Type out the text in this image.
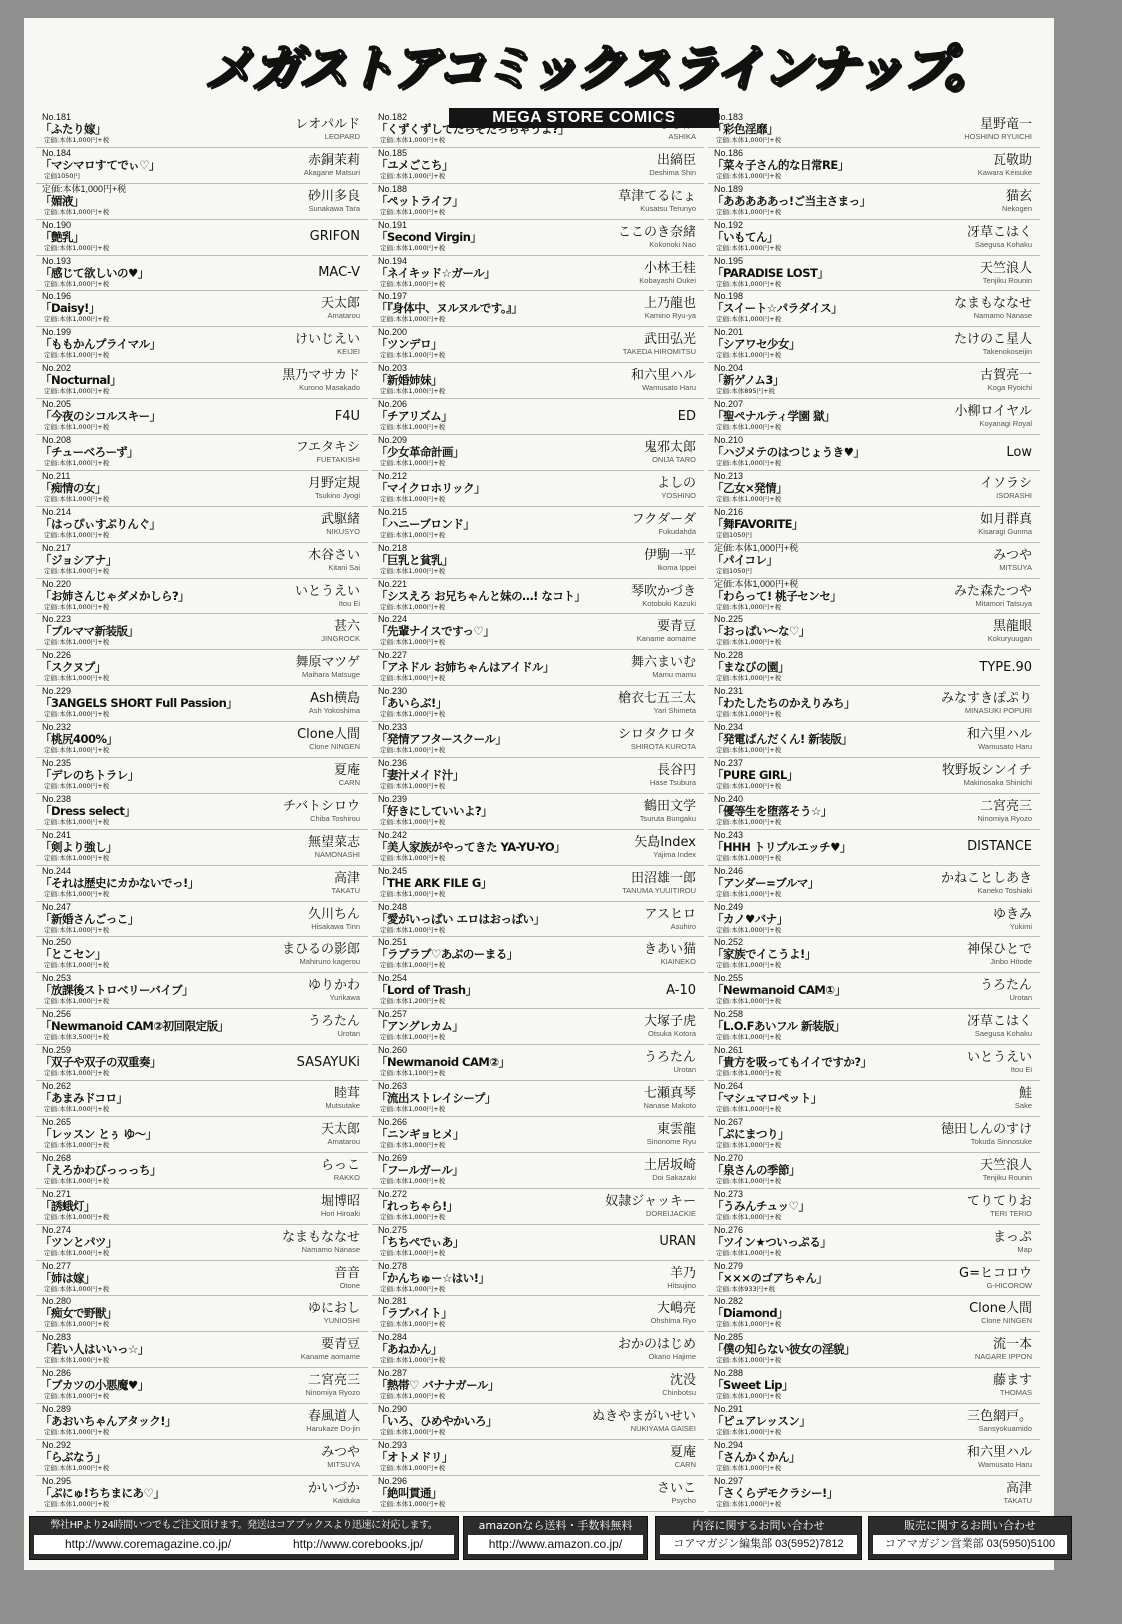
メガストアコミックスラインナップ。
MEGA STORE COMICS
No.181
「ふたり嫁」
定価:本体1,000円+税
レオパルド
LEOPARD
No.184
「マシマロすてでぃ♡」
定価1050円
赤銅茉莉
Akagane Matsuri
定価:本体1,000円+税
「媚液」
定価:本体1,000円+税
砂川多良
Sunakawa Tara
No.190
「艶乳」
定価:本体1,000円+税
GRIFON
No.193
「感じて欲しいの♥」
定価:本体1,000円+税
MAC-V
No.196
「Daisy!」
定価:本体1,000円+税
天太郎
Amatarou
No.199
「ももかんプライマル」
定価:本体1,000円+税
けいじえい
KEIJEI
No.202
「Nocturnal」
定価:本体1,000円+税
黒乃マサカド
Kurono Masakado
No.205
「今夜のシコルスキー」
定価:本体1,000円+税
F4U
No.208
「チューべろーず」
定価:本体1,000円+税
フエタキシ
FUETAKISHI
No.211
「痴情の女」
定価:本体1,000円+税
月野定規
Tsukino Jyogi
No.214
「はっぴぃすぷりんぐ」
定価:本体1,000円+税
武駆緒
NIKUSYO
No.217
「ジョシアナ」
定価:本体1,000円+税
木谷さい
Kitani Sai
No.220
「お姉さんじゃダメかしら?」
定価:本体1,000円+税
いとうえい
Itou Ei
No.223
「ブルママ新装版」
定価:本体1,000円+税
甚六
JINGROCK
No.226
「スクヌプ」
定価:本体1,000円+税
舞原マツゲ
Maihara Matsuge
No.229
「3ANGELS SHORT Full Passion」
定価:本体1,000円+税
Ash横島
Ash Yokoshima
No.232
「桃尻400%」
定価:本体1,000円+税
Clone人間
Clone NINGEN
No.235
「デレのちトラレ」
定価:本体1,000円+税
夏庵
CARN
No.238
「Dress select」
定価:本体1,000円+税
チバトシロウ
Chiba Toshirou
No.241
「剣より強し」
定価:本体1,000円+税
無望菜志
NAMONASHI
No.244
「それは歴史にカかないでっ!」
定価:本体1,000円+税
高津
TAKATU
No.247
「新婚さんごっこ」
定価:本体1,000円+税
久川ちん
Hisakawa Tinn
No.250
「とこセン」
定価:本体1,000円+税
まひるの影郎
Mahiruno kagerou
No.253
「放課後ストロベリーバイブ」
定価:本体1,000円+税
ゆりかわ
Yurikawa
No.256
「Newmanoid CAM②初回限定版」
定価:本体3,500円+税
うろたん
Urotan
No.259
「双子や双子の双重奏」
定価:本体1,000円+税
SASAYUKi
No.262
「あまみドコロ」
定価:本体1,000円+税
睦茸
Mutsutake
No.265
「レッスン とぅ ゆ～」
定価:本体1,000円+税
天太郎
Amatarou
No.268
「えろかわびっっっち」
定価:本体1,000円+税
らっこ
RAKKO
No.271
「誘蛾灯」
定価:本体1,000円+税
堀博昭
Hori Hiroaki
No.274
「ツンとパツ」
定価:本体1,000円+税
なまもななせ
Namamo Nanase
No.277
「姉は嫁」
定価:本体1,000円+税
音音
Otone
No.280
「痴女で野獣」
定価:本体1,000円+税
ゆにおし
YUNIOSHI
No.283
「若い人はいいっ☆」
定価:本体1,000円+税
要青豆
Kaname aomame
No.286
「ブカツの小悪魔♥」
定価:本体1,000円+税
二宮亮三
Ninomiya Ryozo
No.289
「あおいちゃんアタック!」
定価:本体1,000円+税
春風道人
Harukaze Do-jin
No.292
「らぶなう」
定価:本体1,000円+税
みつや
MITSUYA
No.295
「ぷにゅ!ちちまにあ♡」
定価:本体1,000円+税
かいづか
Kaiduka
No.182
「くずくずしてたらそだっちゃうよ?」
定価:本体1,000円+税
あしか
ASHIKA
No.185
「ユメごこち」
定価:本体1,000円+税
出縞臣
Deshima Shin
No.188
「ペットライフ」
定価:本体1,000円+税
草津てるにょ
Kusatsu Terunyo
No.191
「Second Virgin」
定価:本体1,000円+税
ここのき奈緒
Kokonoki Nao
No.194
「ネイキッド☆ガール」
定価:本体1,000円+税
小林王桂
Kobayashi Oukei
No.197
「『身体中、ヌルヌルです。』」
定価:本体1,000円+税
上乃龍也
Kamino Ryu-ya
No.200
「ツンデロ」
定価:本体1,000円+税
武田弘光
TAKEDA HIROMITSU
No.203
「新婚姉妹」
定価:本体1,000円+税
和六里ハル
Wamusato Haru
No.206
「チアリズム」
定価:本体1,000円+税
ED
No.209
「少女革命計画」
定価:本体1,000円+税
鬼邪太郎
ONIJA TARO
No.212
「マイクロホリック」
定価:本体1,000円+税
よしの
YOSHINO
No.215
「ハニーブロンド」
定価:本体1,000円+税
フクダーダ
Fukudahda
No.218
「巨乳と貧乳」
定価:本体1,000円+税
伊駒一平
Ikoma Ippei
No.221
「シスえろ お兄ちゃんと妹の…! なコト」
定価:本体1,000円+税
琴吹かづき
Kotobuki Kazuki
No.224
「先輩ナイスですっ♡」
定価:本体1,000円+税
要青豆
Kaname aomame
No.227
「アネドル お姉ちゃんはアイドル」
定価:本体1,000円+税
舞六まいむ
Mamu mamu
No.230
「あいらぶ!」
定価:本体1,000円+税
槍衣七五三太
Yari Shimeta
No.233
「発情アフタースクール」
定価:本体1,000円+税
シロタクロタ
SHIROTA KUROTA
No.236
「妻汁メイド汁」
定価:本体1,000円+税
長谷円
Hase Tsubura
No.239
「好きにしていいよ?」
定価:本体1,000円+税
鶴田文学
Tsuruta Bungaku
No.242
「美人家族がやってきた YA-YU-YO」
定価:本体1,000円+税
矢島Index
Yajima Index
No.245
「THE ARK FILE G」
定価:本体1,000円+税
田沼雄一郎
TANUMA YUUITIROU
No.248
「愛がいっぱい エロはおっぱい」
定価:本体1,000円+税
アスヒロ
Asuhiro
No.251
「ラブラブ♡あぶのーまる」
定価:本体1,000円+税
きあい猫
KIAINEKO
No.254
「Lord of Trash」
定価:本体1,200円+税
A-10
No.257
「アングレカム」
定価:本体1,000円+税
大塚子虎
Otsuka Kotora
No.260
「Newmanoid CAM②」
定価:本体1,100円+税
うろたん
Urotan
No.263
「流出ストレイシープ」
定価:本体1,000円+税
七瀬真琴
Nanase Makoto
No.266
「ニンギョヒメ」
定価:本体1,000円+税
東雲龍
Sinonome Ryu
No.269
「フールガール」
定価:本体1,000円+税
土居坂崎
Doi Sakazaki
No.272
「れっちゃら!」
定価:本体1,000円+税
奴隷ジャッキー
DOREIJACKIE
No.275
「ちちぺでぃあ」
定価:本体1,000円+税
URAN
No.278
「かんちゅー☆はい!」
定価:本体1,000円+税
羊乃
Hitsujino
No.281
「ラブバイト」
定価:本体1,000円+税
大嶋亮
Ohshima Ryo
No.284
「あねかん」
定価:本体1,000円+税
おかのはじめ
Okano Hajime
No.287
「熱帯♡ バナナガール」
定価:本体1,000円+税
沈没
Chinbotsu
No.290
「いろ、ひめやかいろ」
定価:本体1,000円+税
ぬきやまがいせい
NUKIYAMA GAISEI
No.293
「オトメドリ」
定価:本体1,000円+税
夏庵
CARN
No.296
「絶叫貫通」
定価:本体1,000円+税
さいこ
Psycho
No.183
「彩色淫靡」
定価:本体1,000円+税
星野竜一
HOSHINO RYUICHI
No.186
「菜々子さん的な日常RE」
定価:本体1,000円+税
瓦敬助
Kawara Keisuke
No.189
「あああああっ!ご当主さまっ」
定価:本体1,000円+税
猫玄
Nekogen
No.192
「いもてん」
定価:本体1,000円+税
冴草こはく
Saegusa Kohaku
No.195
「PARADISE LOST」
定価:本体1,000円+税
天竺浪人
Tenjiku Rounin
No.198
「スイート☆パラダイス」
定価:本体1,000円+税
なまもななせ
Namamo Nanase
No.201
「シアワセ少女」
定価:本体1,000円+税
たけのこ星人
Takenokoseijin
No.204
「新ゲノム3」
定価:本体895円+税
古賀亮一
Koga Ryoichi
No.207
「聖ペナルティ学園 獄」
定価:本体1,000円+税
小柳ロイヤル
Koyanagi Royal
No.210
「ハジメテのはつじょうき♥」
定価:本体1,000円+税
Low
No.213
「乙女×発情」
定価:本体1,000円+税
イソラシ
ISORASHI
No.216
「舞FAVORITE」
定価1050円
如月群真
Kisaragi Gunma
定価:本体1,000円+税
「パイコレ」
定価1050円
みつや
MITSUYA
定価:本体1,000円+税
「わらって! 桃子センセ」
定価:本体1,000円+税
みた森たつや
Mitamori Tatsuya
No.225
「おっぱい～な♡」
定価:本体1,000円+税
黒龍眼
Kokuryuugan
No.228
「まなびの園」
定価:本体1,000円+税
TYPE.90
No.231
「わたしたちのかえりみち」
定価:本体1,000円+税
みなすきぽぷり
MINASUKI POPURI
No.234
「発電ぱんだくん! 新装版」
定価:本体1,000円+税
和六里ハル
Wamusato Haru
No.237
「PURE GIRL」
定価:本体1,000円+税
牧野坂シンイチ
Makinosaka Shinichi
No.240
「優等生を堕落そう☆」
定価:本体1,000円+税
二宮亮三
Ninomiya Ryozo
No.243
「HHH トリプルエッチ♥」
定価:本体1,000円+税
DISTANCE
No.246
「アンダー=ブルマ」
定価:本体1,000円+税
かねことしあき
Kaneko Toshiaki
No.249
「カノ♥バナ」
定価:本体1,000円+税
ゆきみ
Yukimi
No.252
「家族でイこうよ!」
定価:本体1,000円+税
神保ひとで
Jinbo Hitode
No.255
「Newmanoid CAM①」
定価:本体1,000円+税
うろたん
Urotan
No.258
「L.O.Fあいフル 新装版」
定価:本体1,000円+税
冴草こはく
Saegusa Kohaku
No.261
「貴方を吸ってもイイですか?」
定価:本体1,000円+税
いとうえい
Itou Ei
No.264
「マシュマロペット」
定価:本体1,000円+税
鮭
Sake
No.267
「ぷにまつり」
定価:本体1,000円+税
徳田しんのすけ
Tokuda Sinnosuke
No.270
「泉さんの季節」
定価:本体1,000円+税
天竺浪人
Tenjiku Rounin
No.273
「うみんチュッ♡」
定価:本体1,000円+税
てりてりお
TERI TERIO
No.276
「ツイン★ついっぷる」
定価:本体1,000円+税
まっぷ
Map
No.279
「×××のゴアちゃん」
定価:本体933円+税
G=ヒコロウ
G-HICOROW
No.282
「Diamond」
定価:本体1,000円+税
Clone人間
Clone NINGEN
No.285
「僕の知らない彼女の淫貌」
定価:本体1,000円+税
流一本
NAGARE IPPON
No.288
「Sweet Lip」
定価:本体1,000円+税
藤ます
THOMAS
No.291
「ピュアレッスン」
定価:本体1,000円+税
三色網戸。
Sansyokuamido
No.294
「さんかくかん」
定価:本体1,000円+税
和六里ハル
Wamusato Haru
No.297
「さくらデモクラシー!」
定価:本体1,000円+税
高津
TAKATU
弊社HPより24時間いつでもご注文頂けます。発送はコアブックスより迅速に対応します。
http://www.coremagazine.co.jp/	http://www.corebooks.jp/
amazonなら送料・手数料無料
http://www.amazon.co.jp/
内容に関するお問い合わせ
コアマガジン編集部 03(5952)7812
販売に関するお問い合わせ
コアマガジン営業部 03(5950)5100
